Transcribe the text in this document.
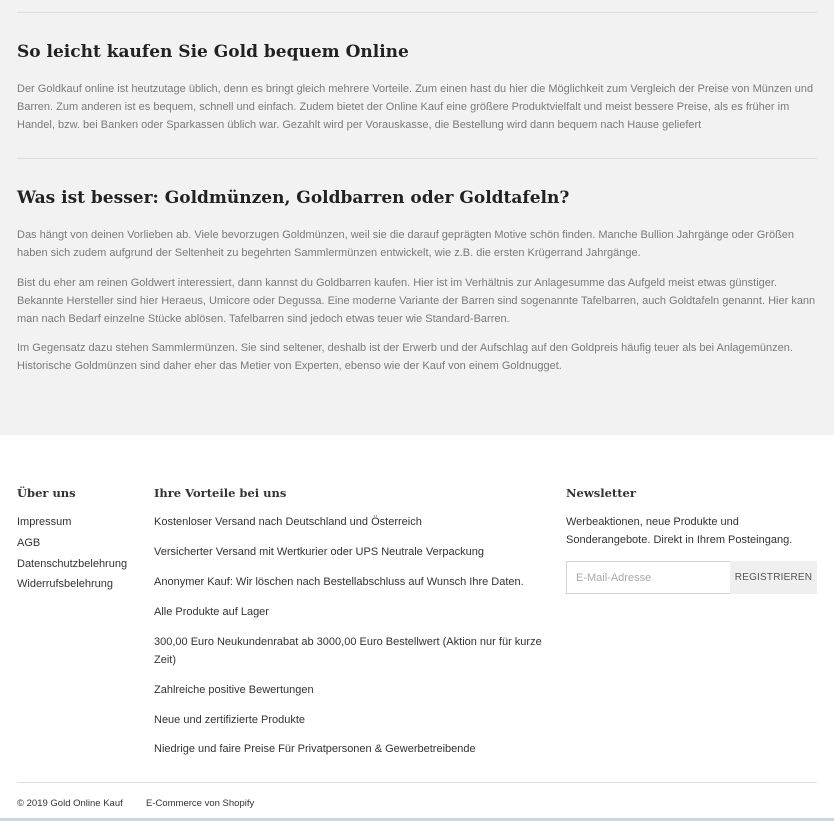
So leicht kaufen Sie Gold bequem Online

Der Goldkauf online ist heutzutage üblich, denn es bringt gleich mehrere Vorteile. Zum einen hast du hier die Möglichkeit zum Vergleich der Preise von Münzen und Barren. Zum anderen ist es bequem, schnell und einfach. Zudem bietet der Online Kauf eine größere Produktvielfalt und meist bessere Preise, als es früher im Handel, bzw. bei Banken oder Sparkassen üblich war. Gezahlt wird per Vorauskasse, die Bestellung wird dann bequem nach Hause geliefert

Was ist besser: Goldmünzen, Goldbarren oder Goldtafeln?

Das hängt von deinen Vorlieben ab. Viele bevorzugen Goldmünzen, weil sie die darauf geprägten Motive schön finden. Manche Bullion Jahrgänge oder Größen haben sich zudem aufgrund der Seltenheit zu begehrten Sammlermünzen entwickelt, wie z.B. die ersten Krügerrand Jahrgänge.

Bist du eher am reinen Goldwert interessiert, dann kannst du Goldbarren kaufen. Hier ist im Verhältnis zur Anlagesumme das Aufgeld meist etwas günstiger. Bekannte Hersteller sind hier Heraeus, Umicore oder Degussa. Eine moderne Variante der Barren sind sogenannte Tafelbarren, auch Goldtafeln genannt. Hier kann man nach Bedarf einzelne Stücke ablösen. Tafelbarren sind jedoch etwas teuer wie Standard-Barren.

Im Gegensatz dazu stehen Sammlermünzen. Sie sind seltener, deshalb ist der Erwerb und der Aufschlag auf den Goldpreis häufig teuer als bei Anlagemünzen. Historische Goldmünzen sind daher eher das Metier von Experten, ebenso wie der Kauf von einem Goldnugget.

Über uns
Impressum
AGB
Datenschutzbelehrung
Widerrufsbelehrung
Ihre Vorteile bei uns

Kostenloser Versand nach Deutschland und Österreich

Versicherter Versand mit Wertkurier oder UPS Neutrale Verpackung

Anonymer Kauf: Wir löschen nach Bestellabschluss auf Wunsch Ihre Daten.

Alle Produkte auf Lager

300,00 Euro Neukundenrabat ab 3000,00 Euro Bestellwert (Aktion nur für kurze Zeit)

Zahlreiche positive Bewertungen

Neue und zertifizierte Produkte

Niedrige und faire Preise Für Privatpersonen & Gewerbetreibende

Newsletter

Werbeaktionen, neue Produkte und Sonderangebote. Direkt in Ihrem Posteingang.

E-Mail-Adresse
REGISTRIEREN
© 2019 Gold Online Kauf E-Commerce von Shopify
